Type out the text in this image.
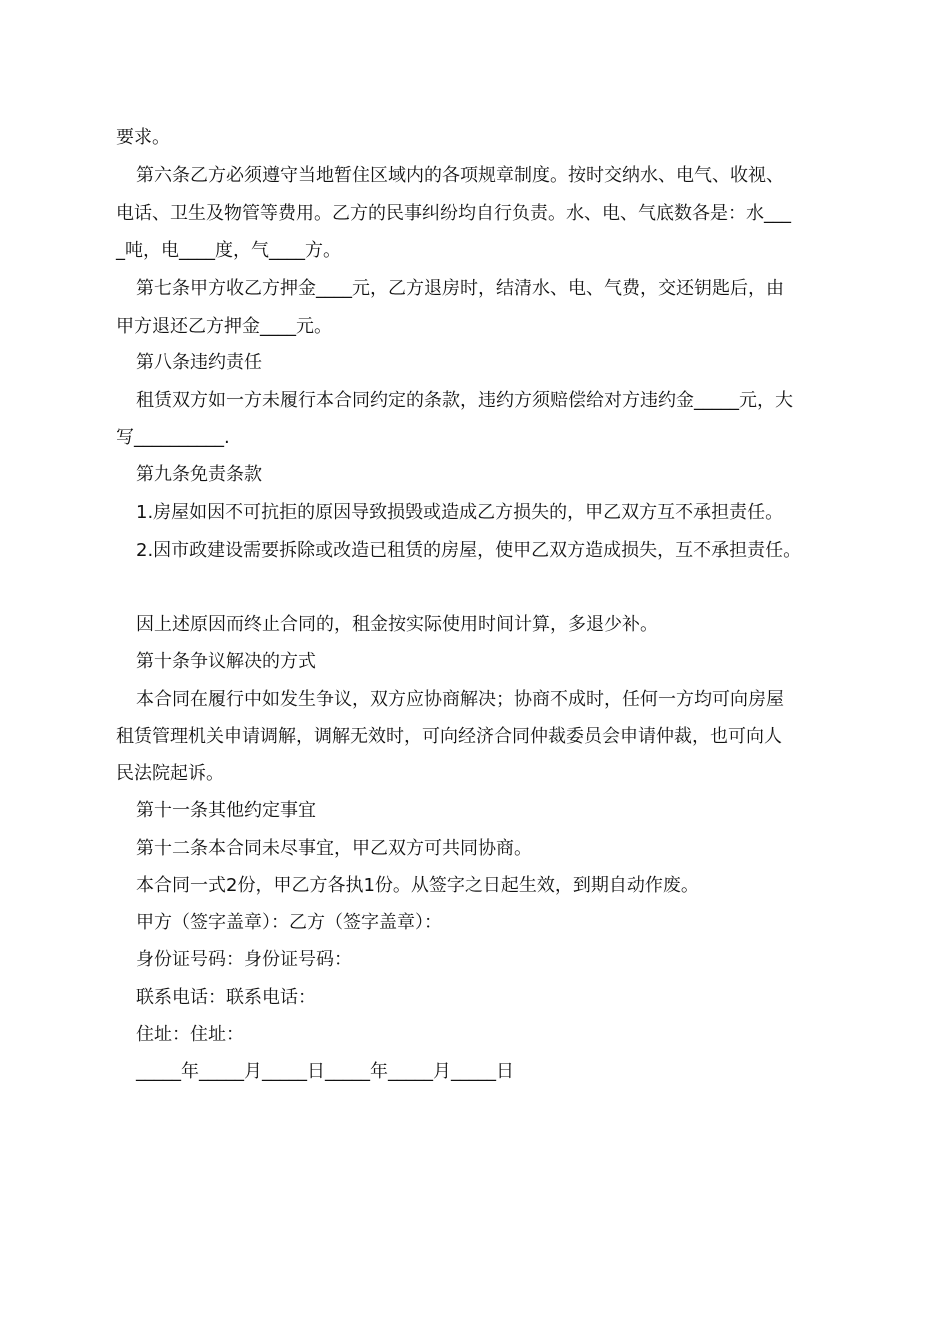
要求。
第六条乙方必须遵守当地暂住区域内的各项规章制度。按时交纳水、电气、收视、
电话、卫生及物管等费用。乙方的民事纠纷均自行负责。水、电、气底数各是：水___
_吨，电____度，气____方。
第七条甲方收乙方押金____元，乙方退房时，结清水、电、气费，交还钥匙后，由
甲方退还乙方押金____元。
第八条违约责任
租赁双方如一方未履行本合同约定的条款，违约方须赔偿给对方违约金_____元，大
写__________.
第九条免责条款
1.房屋如因不可抗拒的原因导致损毁或造成乙方损失的，甲乙双方互不承担责任。
2.因市政建设需要拆除或改造已租赁的房屋，使甲乙双方造成损失，互不承担责任。
因上述原因而终止合同的，租金按实际使用时间计算，多退少补。
第十条争议解决的方式
本合同在履行中如发生争议，双方应协商解决；协商不成时，任何一方均可向房屋
租赁管理机关申请调解，调解无效时，可向经济合同仲裁委员会申请仲裁，也可向人
民法院起诉。
第十一条其他约定事宜
第十二条本合同未尽事宜，甲乙双方可共同协商。
本合同一式2份，甲乙方各执1份。从签字之日起生效，到期自动作废。
甲方（签字盖章）：乙方（签字盖章）：
身份证号码：身份证号码：
联系电话：联系电话：
住址：住址：
_____年_____月_____日_____年_____月_____日
